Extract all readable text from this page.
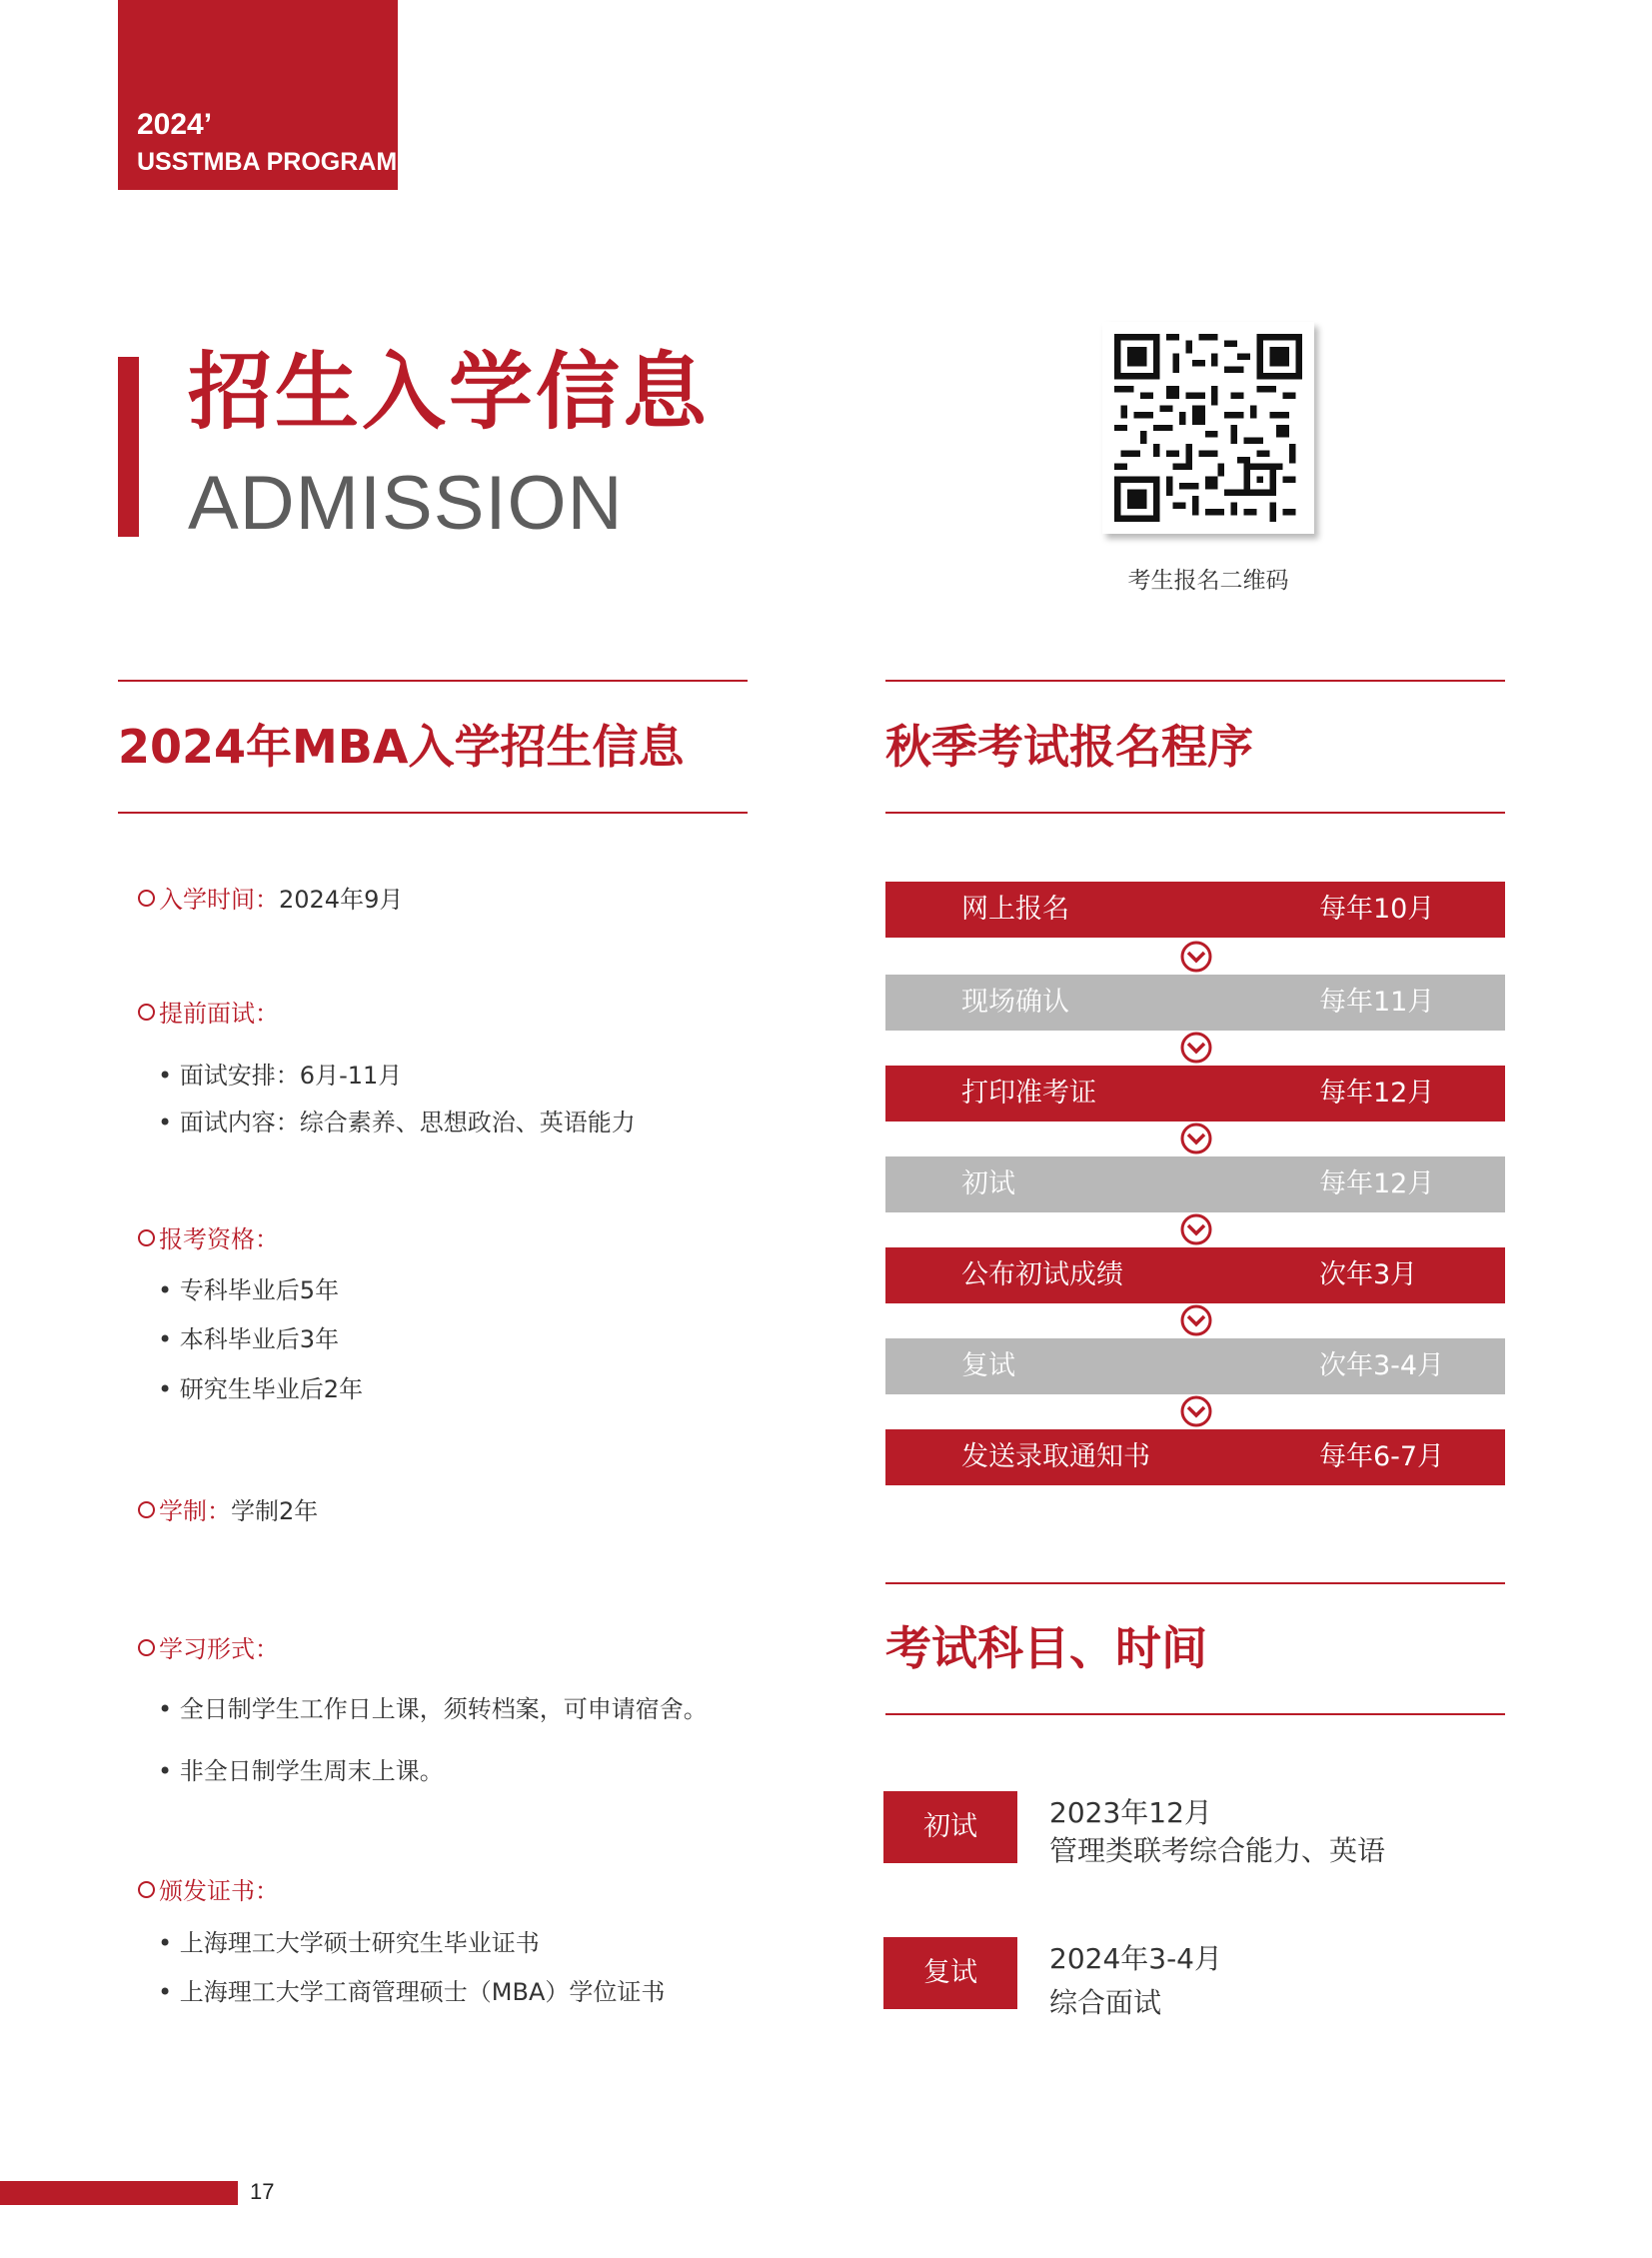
2024’
USSTMBA PROGRAM
招生入学信息
ADMISSION
考生报名二维码
2024年MBA入学招生信息
入学时间：2024年9月
提前面试：
• 面试安排：6月-11月
• 面试内容：综合素养、思想政治、英语能力
报考资格：
• 专科毕业后5年
• 本科毕业后3年
• 研究生毕业后2年
学制：学制2年
学习形式：
• 全日制学生工作日上课，须转档案，可申请宿舍。
• 非全日制学生周末上课。
颁发证书：
• 上海理工大学硕士研究生毕业证书
• 上海理工大学工商管理硕士（MBA）学位证书
秋季考试报名程序
网上报名	每年10月
现场确认	每年11月
打印准考证	每年12月
初试	每年12月
公布初试成绩	次年3月
复试	次年3-4月
发送录取通知书	每年6-7月
考试科目、时间
初试	2023年12月
管理类联考综合能力、英语
复试	2024年3-4月
综合面试
17
